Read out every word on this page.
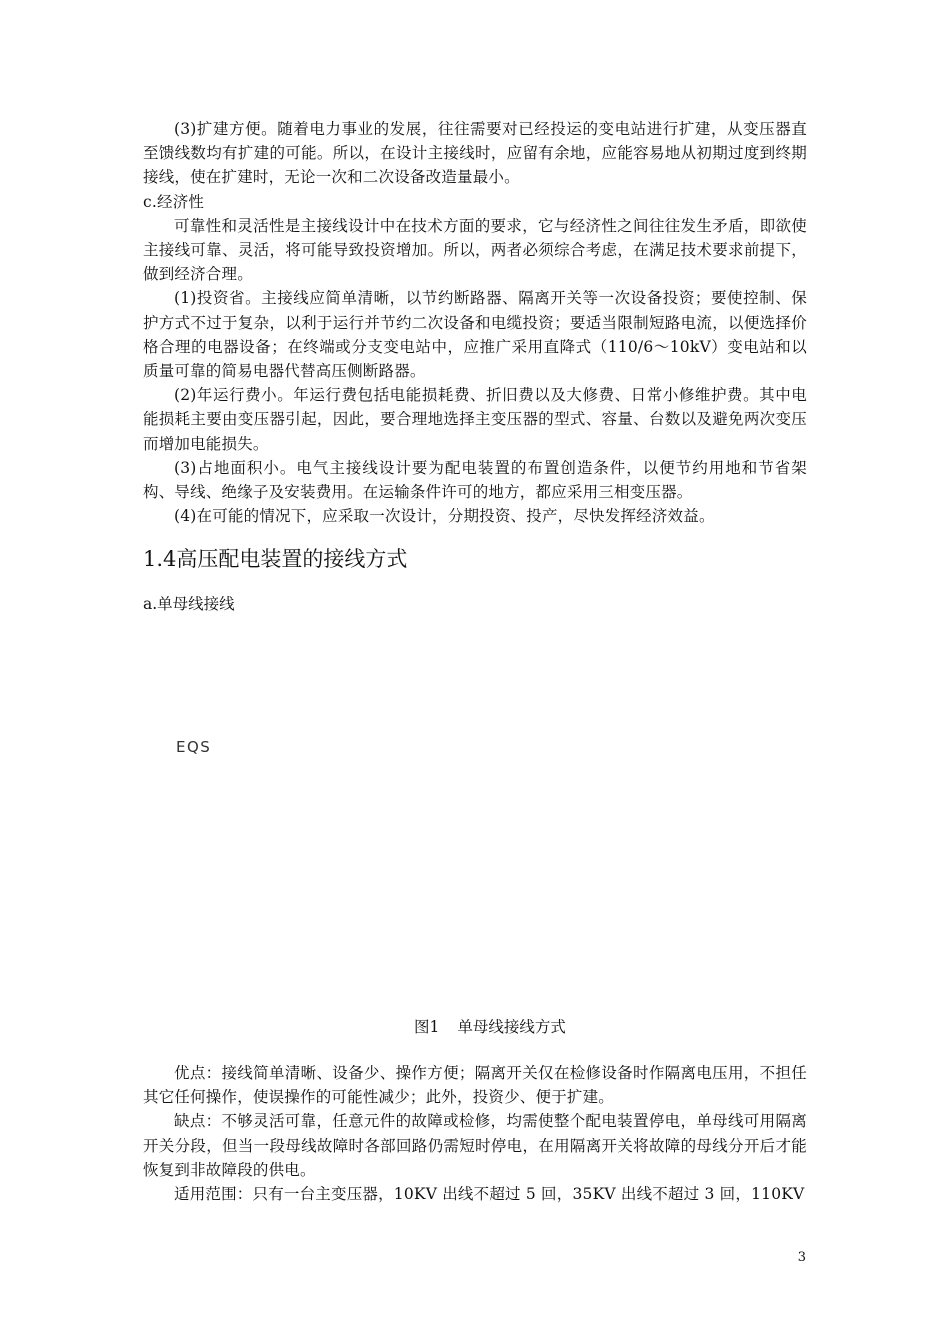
(3)扩建方便。随着电力事业的发展，往往需要对已经投运的变电站进行扩建，从变压器直至馈线数均有扩建的可能。所以，在设计主接线时，应留有余地，应能容易地从初期过度到终期接线，使在扩建时，无论一次和二次设备改造量最小。

c.经济性

可靠性和灵活性是主接线设计中在技术方面的要求，它与经济性之间往往发生矛盾，即欲使主接线可靠、灵活，将可能导致投资增加。所以，两者必须综合考虑，在满足技术要求前提下，做到经济合理。

(1)投资省。主接线应简单清晰，以节约断路器、隔离开关等一次设备投资；要使控制、保护方式不过于复杂，以利于运行并节约二次设备和电缆投资；要适当限制短路电流，以便选择价格合理的电器设备；在终端或分支变电站中，应推广采用直降式（110/6～10kV）变电站和以质量可靠的简易电器代替高压侧断路器。

(2)年运行费小。年运行费包括电能损耗费、折旧费以及大修费、日常小修维护费。其中电能损耗主要由变压器引起，因此，要合理地选择主变压器的型式、容量、台数以及避免两次变压而增加电能损失。

(3)占地面积小。电气主接线设计要为配电装置的布置创造条件，以便节约用地和节省架构、导线、绝缘子及安装费用。在运输条件许可的地方，都应采用三相变压器。

(4)在可能的情况下，应采取一次设计，分期投资、投产，尽快发挥经济效益。

1.4高压配电装置的接线方式

a.单母线接线

EQS

图1 单母线接线方式

优点：接线简单清晰、设备少、操作方便；隔离开关仅在检修设备时作隔离电压用，不担任其它任何操作，使误操作的可能性减少；此外，投资少、便于扩建。

缺点：不够灵活可靠，任意元件的故障或检修，均需使整个配电装置停电，单母线可用隔离开关分段，但当一段母线故障时各部回路仍需短时停电，在用隔离开关将故障的母线分开后才能恢复到非故障段的供电。

适用范围：只有一台主变压器，10KV 出线不超过 5 回，35KV 出线不超过 3 回，110KV

3
